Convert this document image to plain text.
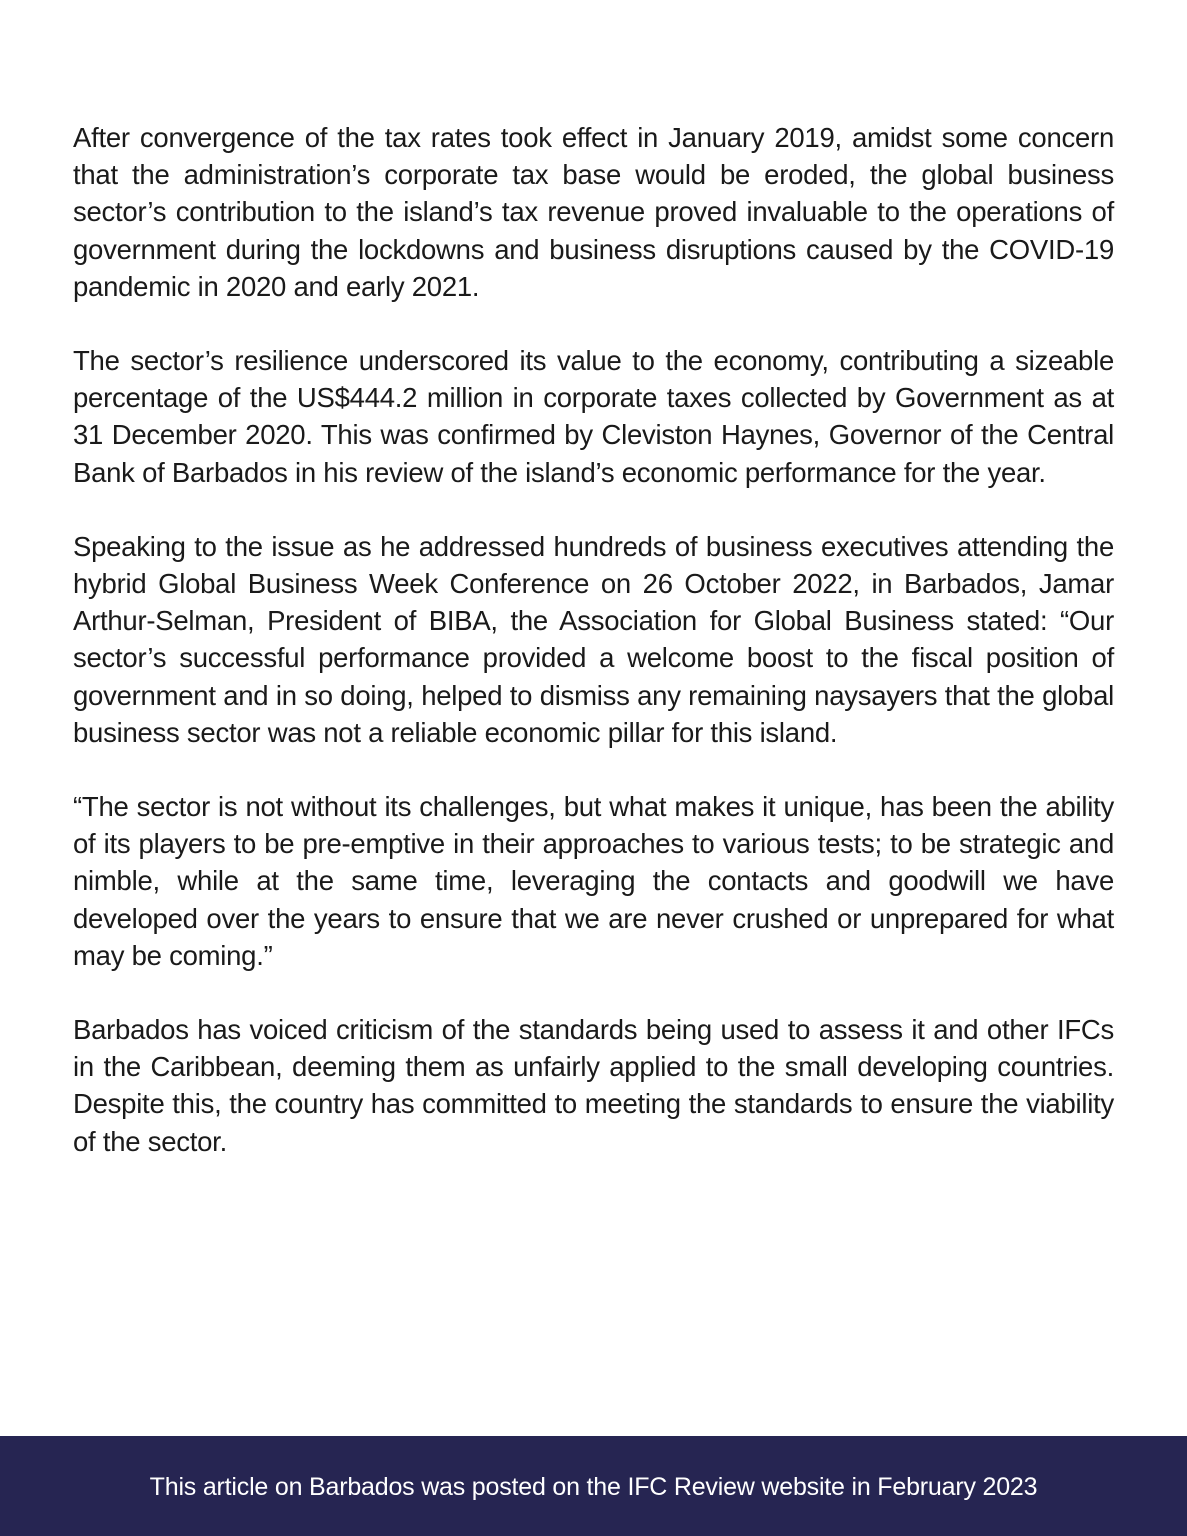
After convergence of the tax rates took effect in January 2019, amidst some concern that the administration’s corporate tax base would be eroded, the global business sector’s contribution to the island’s tax revenue proved invaluable to the operations of government during the lockdowns and business disruptions caused by the COVID-19 pandemic in 2020 and early 2021.

The sector’s resilience underscored its value to the economy, contributing a sizeable percentage of the US$444.2 million in corporate taxes collected by Government as at 31 December 2020. This was confirmed by Cleviston Haynes, Governor of the Central Bank of Barbados in his review of the island’s economic performance for the year.

Speaking to the issue as he addressed hundreds of business executives attending the hybrid Global Business Week Conference on 26 October 2022, in Barbados, Jamar Arthur-Selman, President of BIBA, the Association for Global Business stated: “Our sector’s successful performance provided a welcome boost to the fiscal position of government and in so doing, helped to dismiss any remaining naysayers that the global business sector was not a reliable economic pillar for this island.

“The sector is not without its challenges, but what makes it unique, has been the ability of its players to be pre-emptive in their approaches to various tests; to be strategic and nimble, while at the same time, leveraging the contacts and goodwill we have developed over the years to ensure that we are never crushed or unprepared for what may be coming.”

Barbados has voiced criticism of the standards being used to assess it and other IFCs in the Caribbean, deeming them as unfairly applied to the small developing countries. Despite this, the country has committed to meeting the standards to ensure the viability of the sector.

This article on Barbados was posted on the IFC Review website in February 2023
